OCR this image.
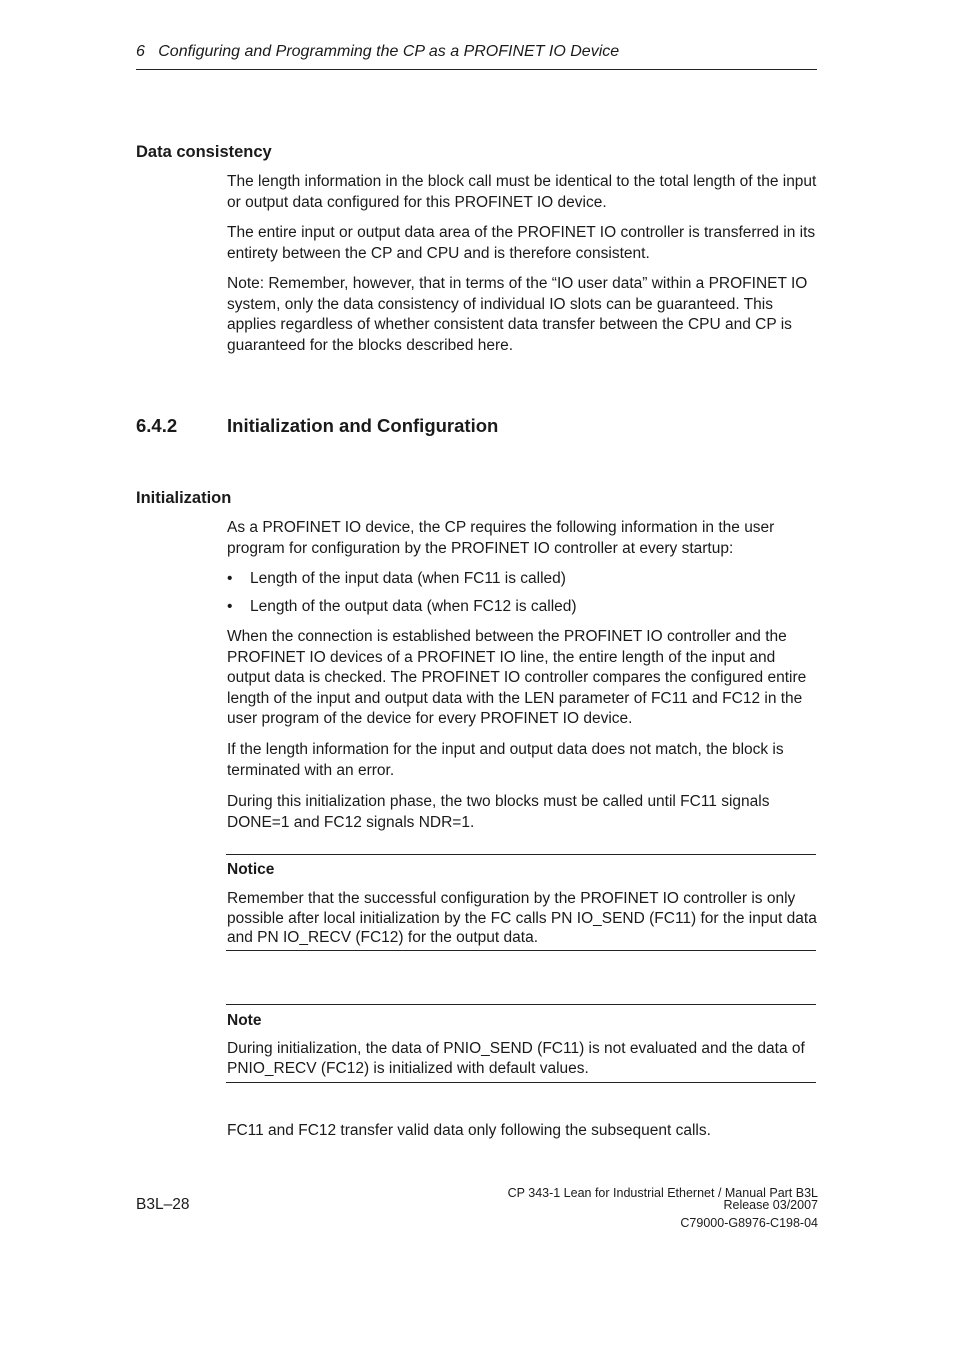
6   Configuring and Programming the CP as a PROFINET IO Device
Data consistency

The length information in the block call must be identical to the total length of the input or output data configured for this PROFINET IO device.

The entire input or output data area of the PROFINET IO controller is transferred in its entirety between the CP and CPU and is therefore consistent.

Note: Remember, however, that in terms of the “IO user data” within a PROFINET IO system, only the data consistency of individual IO slots can be guaranteed. This applies regardless of whether consistent data transfer between the CPU and CP is guaranteed for the blocks described here.

6.4.2	Initialization and Configuration
Initialization

As a PROFINET IO device, the CP requires the following information in the user program for configuration by the PROFINET IO controller at every startup:

• Length of the input data (when FC11 is called)
• Length of the output data (when FC12 is called)

When the connection is established between the PROFINET IO controller and the PROFINET IO devices of a PROFINET IO line, the entire length of the input and output data is checked. The PROFINET IO controller compares the configured entire length of the input and output data with the LEN parameter of FC11 and FC12 in the user program of the device for every PROFINET IO device.

If the length information for the input and output data does not match, the block is terminated with an error.

During this initialization phase, the two blocks must be called until FC11 signals DONE=1 and FC12 signals NDR=1.

Notice
Remember that the successful configuration by the PROFINET IO controller is only possible after local initialization by the FC calls PN IO_SEND (FC11) for the input data and PN IO_RECV (FC12) for the output data.
Note
During initialization, the data of PNIO_SEND (FC11) is not evaluated and the data of PNIO_RECV (FC12) is initialized with default values.

FC11 and FC12 transfer valid data only following the subsequent calls.

B3L–28
CP 343-1 Lean for Industrial Ethernet / Manual Part B3L
Release 03/2007
C79000-G8976-C198-04
